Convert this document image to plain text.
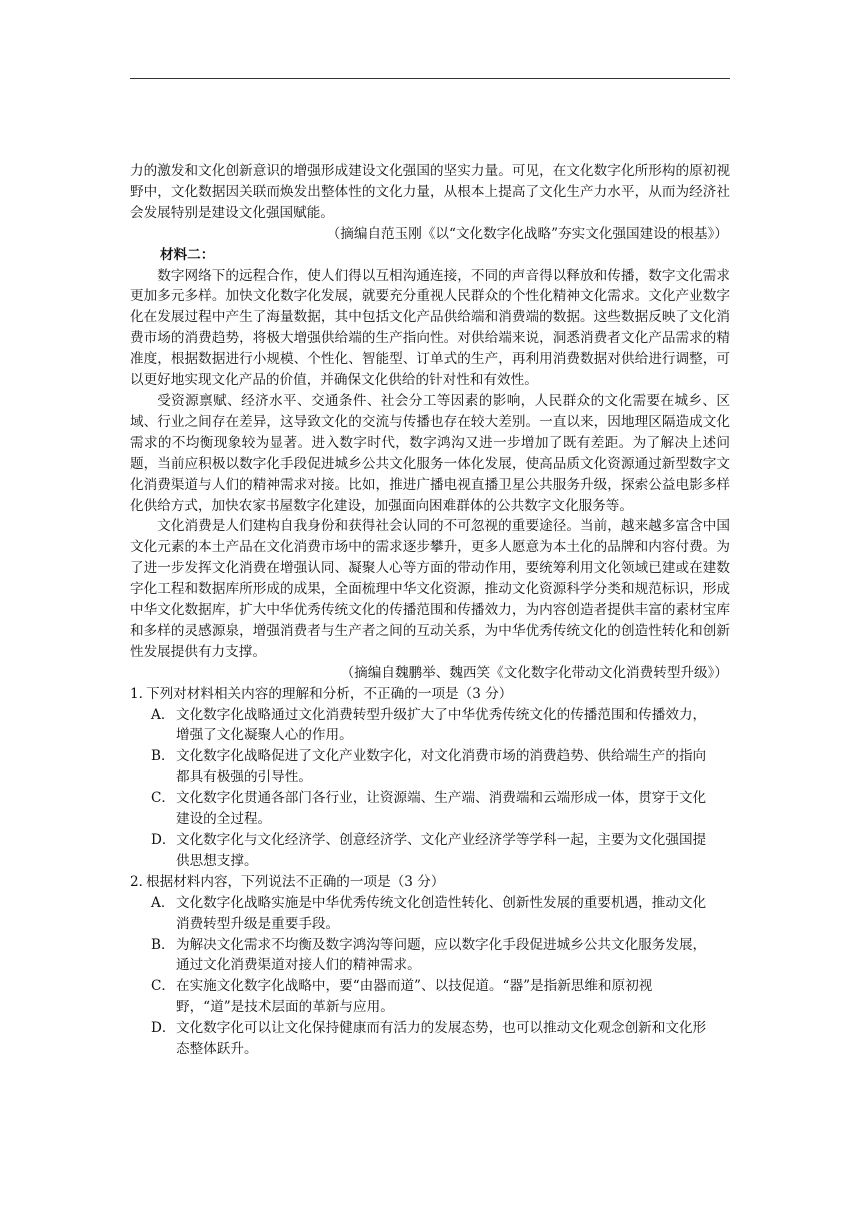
力的激发和文化创新意识的增强形成建设文化强国的坚实力量。可见，在文化数字化所形构的原初视野中，文化数据因关联而焕发出整体性的文化力量，从根本上提高了文化生产力水平，从而为经济社会发展特别是建设文化强国赋能。

（摘编自范玉刚《以“文化数字化战略”夯实文化强国建设的根基》）

材料二：

数字网络下的远程合作，使人们得以互相沟通连接，不同的声音得以释放和传播，数字文化需求更加多元多样。加快文化数字化发展，就要充分重视人民群众的个性化精神文化需求。文化产业数字化在发展过程中产生了海量数据，其中包括文化产品供给端和消费端的数据。这些数据反映了文化消费市场的消费趋势，将极大增强供给端的生产指向性。对供给端来说，洞悉消费者文化产品需求的精准度，根据数据进行小规模、个性化、智能型、订单式的生产，再利用消费数据对供给进行调整，可以更好地实现文化产品的价值，并确保文化供给的针对性和有效性。

受资源禀赋、经济水平、交通条件、社会分工等因素的影响，人民群众的文化需要在城乡、区域、行业之间存在差异，这导致文化的交流与传播也存在较大差别。一直以来，因地理区隔造成文化需求的不均衡现象较为显著。进入数字时代，数字鸿沟又进一步增加了既有差距。为了解决上述问题，当前应积极以数字化手段促进城乡公共文化服务一体化发展，使高品质文化资源通过新型数字文化消费渠道与人们的精神需求对接。比如，推进广播电视直播卫星公共服务升级，探索公益电影多样化供给方式，加快农家书屋数字化建设，加强面向困难群体的公共数字文化服务等。

文化消费是人们建构自我身份和获得社会认同的不可忽视的重要途径。当前，越来越多富含中国文化元素的本土产品在文化消费市场中的需求逐步攀升，更多人愿意为本土化的品牌和内容付费。为了进一步发挥文化消费在增强认同、凝聚人心等方面的带动作用，要统筹利用文化领域已建或在建数字化工程和数据库所形成的成果，全面梳理中华文化资源，推动文化资源科学分类和规范标识，形成中华文化数据库，扩大中华优秀传统文化的传播范围和传播效力，为内容创造者提供丰富的素材宝库和多样的灵感源泉，增强消费者与生产者之间的互动关系，为中华优秀传统文化的创造性转化和创新性发展提供有力支撑。

（摘编自魏鹏举、魏西笑《文化数字化带动文化消费转型升级》）

1．
下列对材料相关内容的理解和分析，不正确的一项是（3 分）
A． 文化数字化战略通过文化消费转型升级扩大了中华优秀传统文化的传播范围和传播效力，增强了文化凝聚人心的作用。
B． 文化数字化战略促进了文化产业数字化，对文化消费市场的消费趋势、供给端生产的指向都具有极强的引导性。
C． 文化数字化贯通各部门各行业，让资源端、生产端、消费端和云端形成一体，贯穿于文化建设的全过程。
D． 文化数字化与文化经济学、创意经济学、文化产业经济学等学科一起，主要为文化强国提供思想支撑。
2．
根据材料内容，下列说法不正确的一项是（3 分）
A． 文化数字化战略实施是中华优秀传统文化创造性转化、创新性发展的重要机遇，推动文化消费转型升级是重要手段。
B． 为解决文化需求不均衡及数字鸿沟等问题，应以数字化手段促进城乡公共文化服务发展，通过文化消费渠道对接人们的精神需求。
C． 在实施文化数字化战略中，要“由器而道”、以技促道。“器”是指新思维和原初视野，“道”是技术层面的革新与应用。
D． 文化数字化可以让文化保持健康而有活力的发展态势，也可以推动文化观念创新和文化形态整体跃升。
